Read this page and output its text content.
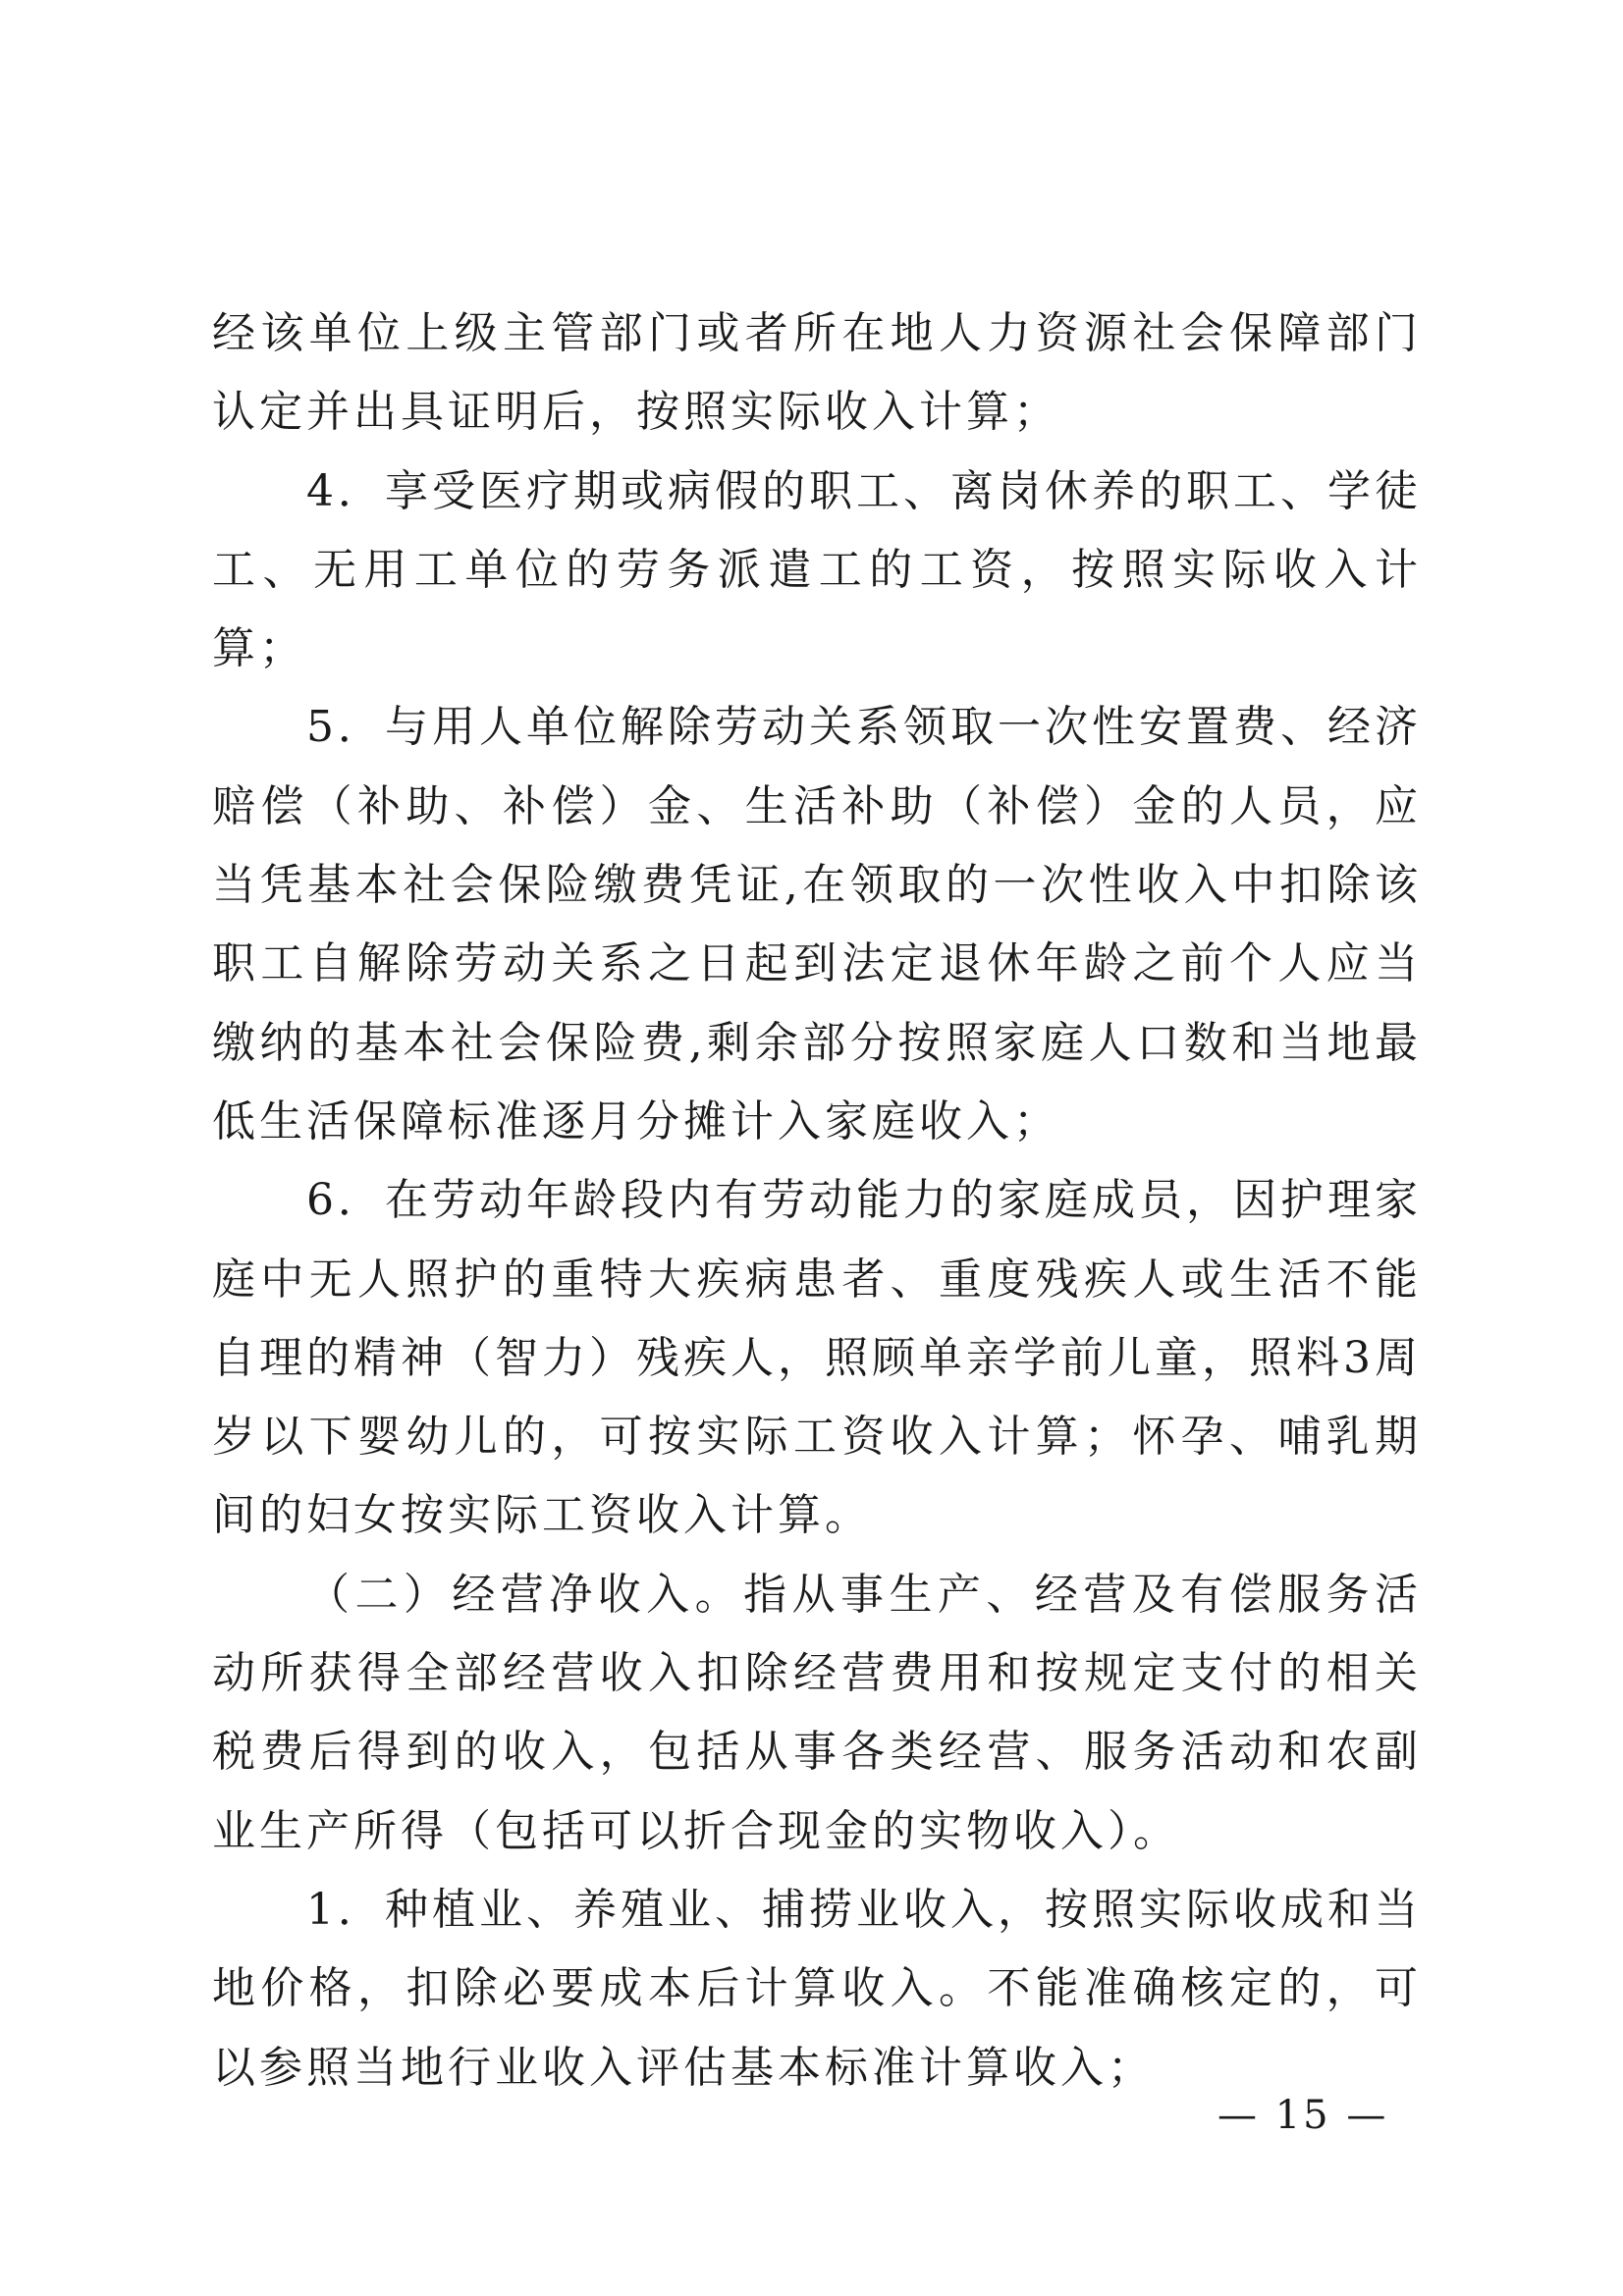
经该单位上级主管部门或者所在地人力资源社会保障部门认定并出具证明后，按照实际收入计算；

4．享受医疗期或病假的职工、离岗休养的职工、学徒工、无用工单位的劳务派遣工的工资，按照实际收入计算；

5．与用人单位解除劳动关系领取一次性安置费、经济赔偿（补助、补偿）金、生活补助（补偿）金的人员，应当凭基本社会保险缴费凭证,在领取的一次性收入中扣除该职工自解除劳动关系之日起到法定退休年龄之前个人应当缴纳的基本社会保险费,剩余部分按照家庭人口数和当地最低生活保障标准逐月分摊计入家庭收入；

6．在劳动年龄段内有劳动能力的家庭成员，因护理家庭中无人照护的重特大疾病患者、重度残疾人或生活不能自理的精神（智力）残疾人，照顾单亲学前儿童，照料3周岁以下婴幼儿的，可按实际工资收入计算；怀孕、哺乳期间的妇女按实际工资收入计算。

（二）经营净收入。指从事生产、经营及有偿服务活动所获得全部经营收入扣除经营费用和按规定支付的相关税费后得到的收入，包括从事各类经营、服务活动和农副业生产所得（包括可以折合现金的实物收入）。

1．种植业、养殖业、捕捞业收入，按照实际收成和当地价格，扣除必要成本后计算收入。不能准确核定的，可以参照当地行业收入评估基本标准计算收入；

— 15 —
